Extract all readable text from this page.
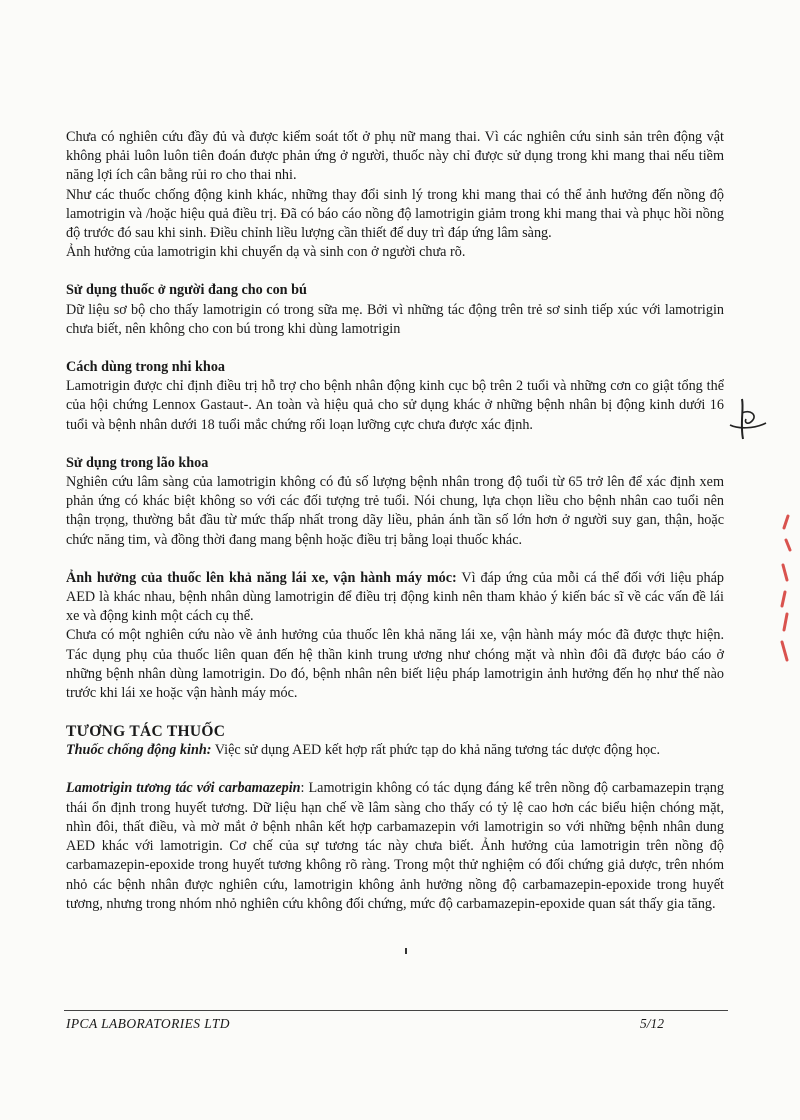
Chưa có nghiên cứu đầy đủ và được kiểm soát tốt ở phụ nữ mang thai. Vì các nghiên cứu sinh sản trên động vật không phải luôn luôn tiên đoán được phản ứng ở người, thuốc này chỉ được sử dụng trong khi mang thai nếu tiềm năng lợi ích cân bằng rủi ro cho thai nhi.

Như các thuốc chống động kinh khác, những thay đổi sinh lý trong khi mang thai có thể ảnh hưởng đến nồng độ lamotrigin và /hoặc hiệu quả điều trị. Đã có báo cáo nồng độ lamotrigin giảm trong khi mang thai và phục hồi nồng độ trước đó sau khi sinh. Điều chỉnh liều lượng cần thiết để duy trì đáp ứng lâm sàng.

Ảnh hưởng của lamotrigin khi chuyển dạ và sinh con ở người chưa rõ.

Sử dụng thuốc ở người đang cho con bú

Dữ liệu sơ bộ cho thấy lamotrigin có trong sữa mẹ. Bởi vì những tác động trên trẻ sơ sinh tiếp xúc với lamotrigin chưa biết, nên không cho con bú trong khi dùng lamotrigin

Cách dùng trong nhi khoa

Lamotrigin được chỉ định điều trị hỗ trợ cho bệnh nhân động kinh cục bộ trên 2 tuổi và những cơn co giật tổng thể của hội chứng Lennox Gastaut-. An toàn và hiệu quả cho sử dụng khác ở những bệnh nhân bị động kinh dưới 16 tuổi và bệnh nhân dưới 18 tuổi mắc chứng rối loạn lưỡng cực chưa được xác định.

Sử dụng trong lão khoa

Nghiên cứu lâm sàng của lamotrigin không có đủ số lượng bệnh nhân trong độ tuổi từ 65 trở lên để xác định xem phản ứng có khác biệt không so với các đối tượng trẻ tuổi. Nói chung, lựa chọn liều cho bệnh nhân cao tuổi nên thận trọng, thường bắt đầu từ mức thấp nhất trong dãy liều, phản ánh tần số lớn hơn ở người suy gan, thận, hoặc chức năng tim, và đồng thời đang mang bệnh hoặc điều trị bằng loại thuốc khác.

Ảnh hưởng của thuốc lên khả năng lái xe, vận hành máy móc: Vì đáp ứng của mỗi cá thể đối với liệu pháp AED là khác nhau, bệnh nhân dùng lamotrigin để điều trị động kinh nên tham khảo ý kiến bác sĩ về các vấn đề lái xe và động kinh một cách cụ thể.

Chưa có một nghiên cứu nào về ảnh hưởng của thuốc lên khả năng lái xe, vận hành máy móc đã được thực hiện. Tác dụng phụ của thuốc liên quan đến hệ thần kinh trung ương như chóng mặt và nhìn đôi đã được báo cáo ở những bệnh nhân dùng lamotrigin. Do đó, bệnh nhân nên biết liệu pháp lamotrigin ảnh hưởng đến họ như thế nào trước khi lái xe hoặc vận hành máy móc.

TƯƠNG TÁC THUỐC

Thuốc chống động kinh: Việc sử dụng AED kết hợp rất phức tạp do khả năng tương tác dược động học.

Lamotrigin tương tác với carbamazepin: Lamotrigin không có tác dụng đáng kể trên nồng độ carbamazepin trạng thái ổn định trong huyết tương. Dữ liệu hạn chế về lâm sàng cho thấy có tỷ lệ cao hơn các biểu hiện chóng mặt, nhìn đôi, thất điều, và mờ mắt ở bệnh nhân kết hợp carbamazepin với lamotrigin so với những bệnh nhân dung AED khác với lamotrigin. Cơ chế của sự tương tác này chưa biết. Ảnh hưởng của lamotrigin trên nồng độ carbamazepin-epoxide trong huyết tương không rõ ràng. Trong một thử nghiệm có đối chứng giả dược, trên nhóm nhỏ các bệnh nhân được nghiên cứu, lamotrigin không ảnh hưởng nồng độ carbamazepin-epoxide trong huyết tương, nhưng trong nhóm nhỏ nghiên cứu không đối chứng, mức độ carbamazepin-epoxide quan sát thấy gia tăng.

IPCA LABORATORIES LTD	5/12
